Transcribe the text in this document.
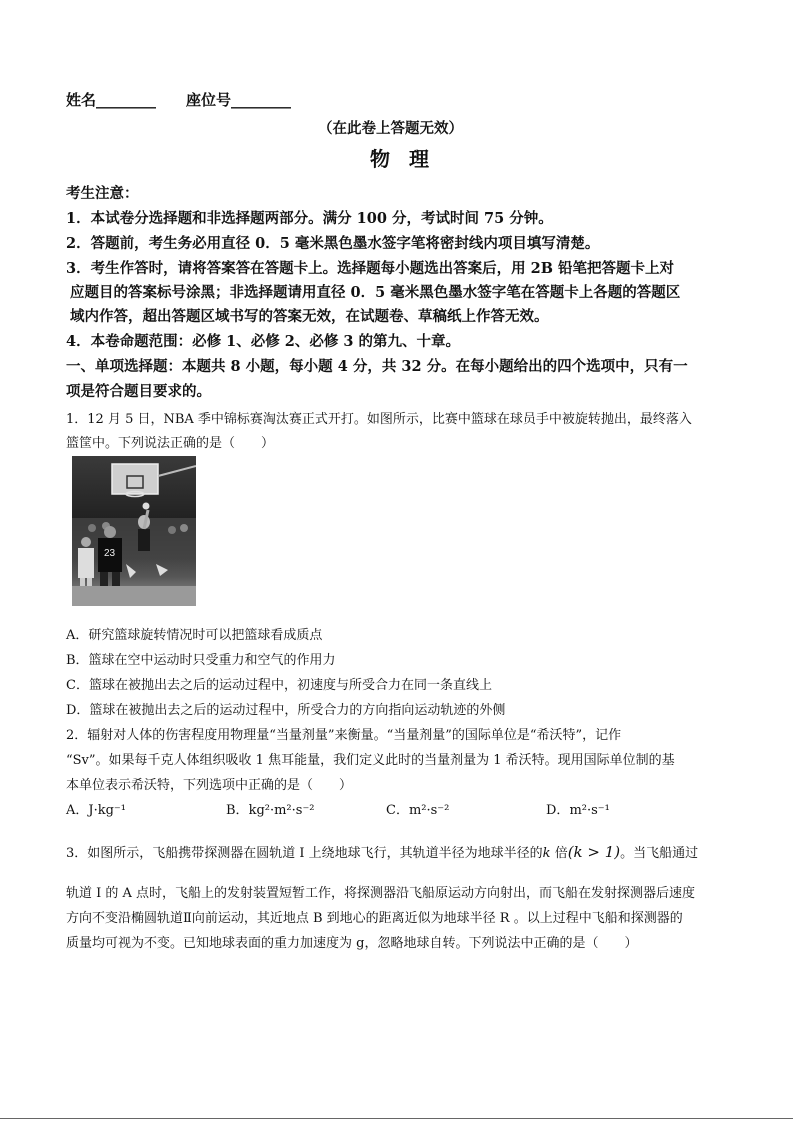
姓名________ 座位号________
（在此卷上答题无效）
物 理
考生注意：
1．本试卷分选择题和非选择题两部分。满分 100 分，考试时间 75 分钟。
2．答题前，考生务必用直径 0．5 毫米黑色墨水签字笔将密封线内项目填写清楚。
3．考生作答时，请将答案答在答题卡上。选择题每小题选出答案后，用 2B 铅笔把答题卡上对
应题目的答案标号涂黑；非选择题请用直径 0．5 毫米黑色墨水签字笔在答题卡上各题的答题区
域内作答，超出答题区域书写的答案无效，在试题卷、草稿纸上作答无效。
4．本卷命题范围：必修 1、必修 2、必修 3 的第九、十章。
一、单项选择题：本题共 8 小题，每小题 4 分，共 32 分。在每小题给出的四个选项中，只有一
项是符合题目要求的。
1．12 月 5 日，NBA 季中锦标赛淘汰赛正式开打。如图所示，比赛中篮球在球员手中被旋转抛出，最终落入
篮筐中。下列说法正确的是（　　）
23
A．研究篮球旋转情况时可以把篮球看成质点
B．篮球在空中运动时只受重力和空气的作用力
C．篮球在被抛出去之后的运动过程中，初速度与所受合力在同一条直线上
D．篮球在被抛出去之后的运动过程中，所受合力的方向指向运动轨迹的外侧
2．辐射对人体的伤害程度用物理量“当量剂量”来衡量。“当量剂量”的国际单位是“希沃特”，记作
“Sv”。如果每千克人体组织吸收 1 焦耳能量，我们定义此时的当量剂量为 1 希沃特。现用国际单位制的基
本单位表示希沃特，下列选项中正确的是（　　）
A．J·kg⁻¹	B．kg²·m²·s⁻²	C．m²·s⁻²	D．m²·s⁻¹
3．如图所示，飞船携带探测器在圆轨道 I 上绕地球飞行，其轨道半径为地球半径的k 倍(k > 1)。当飞船通过
轨道 I 的 A 点时，飞船上的发射装置短暂工作，将探测器沿飞船原运动方向射出，而飞船在发射探测器后速度
方向不变沿椭圆轨道Ⅱ向前运动，其近地点 B 到地心的距离近似为地球半径 R 。以上过程中飞船和探测器的
质量均可视为不变。已知地球表面的重力加速度为 g，忽略地球自转。下列说法中正确的是（　　）
